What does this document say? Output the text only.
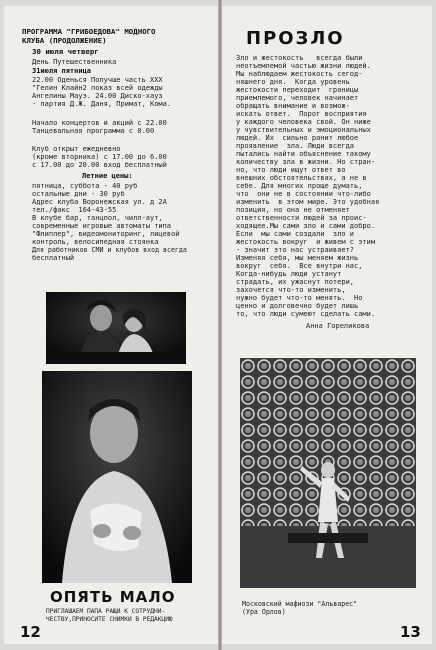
ПРОГРАММА "ГРИБОЕДОВА" МОДНОГО
КЛУБА (ПРОДОЛЖЕНИЕ)
30 июля четверг
День Путешественника
31июля пятница
22.00 Оденься Получше часть XXX
"Гелин Клайн2 показ всей одежды
Ангелины Мауэ. 24.00 Диско-хауз
- партия Д.Ж. Даня, Примат, Кома.
Начало концертов и акций с 22.00
Танцевальная программа с 0.00
Клуб открыт ежедневно
(кроме вторника) с 17.00 до 6.00
с 17.00 до 20.00 вход бесплатный
Летние цены:
пятница, суббота - 40 руб
остальные дни - 30 руб
Адрес клуба Воронежская ул. д 2А
тел./факс  164-43-55
В клубе бар, танцпол, чилл-аут,
современные игровые автоматы типа
"Флиппер", видеомониторинг, лицевой
контроль, велосипедная стоянка
Для работников СМИ и клубов вход всегда
бесплатный
ОПЯТЬ МАЛО
ПРИГЛАШАЕМ ПАПА РАЩИ К СОТРУДНИ-
ЧЕСТВУ,ПРИНОСИТЕ СНИМКИ В РЕДАКЦИЮ
12
ПРОЗЛО
Зло и жестокость   всегда были
неотъемлемой частью жизни людей.
Мы наблюдаем жестокость сегод-
няшнего дня.  Когда уровень
жестокости переходит  границы
приемлемого, человек начинает
обращать внимание и возмож-
искать ответ.  Порог восприятия
у каждого человека свой. Он ниже
у чувствительных и эмоциональных
людей. Их  сильно ранит любое
проявление  зла. Люди всегда
пытались найти объяснение такому
количеству зла в жизни. Но стран-
но, что люди ищут ответ во
внешних обстоятельствах, а не в
себе. Для многих проще думать,
что  они не в состоянии что-либо
изменить  в этом мире. Это удобная
позиция, но она не отменяет
ответственности людей за проис-
ходящее.Мы сами зло и сами добро.
Если  мы сами создали  зло и
жестокость вокруг  и живем с этим
- значит это нас устраивает?
Изменяя себя, мы меняем жизнь
вокруг  себя.  Все внутри нас,
Когда-нибудь люди устанут
страдать, их ужаснут потери,
захочется что-то изменить,
нужно будет что-то менять.  Но
ценно и долговечно будет лишь
то, что люди сумеют сделать сами.
Анна Гореликова
Московский мафиози "Альварес"
(Ура Орлов)
13
